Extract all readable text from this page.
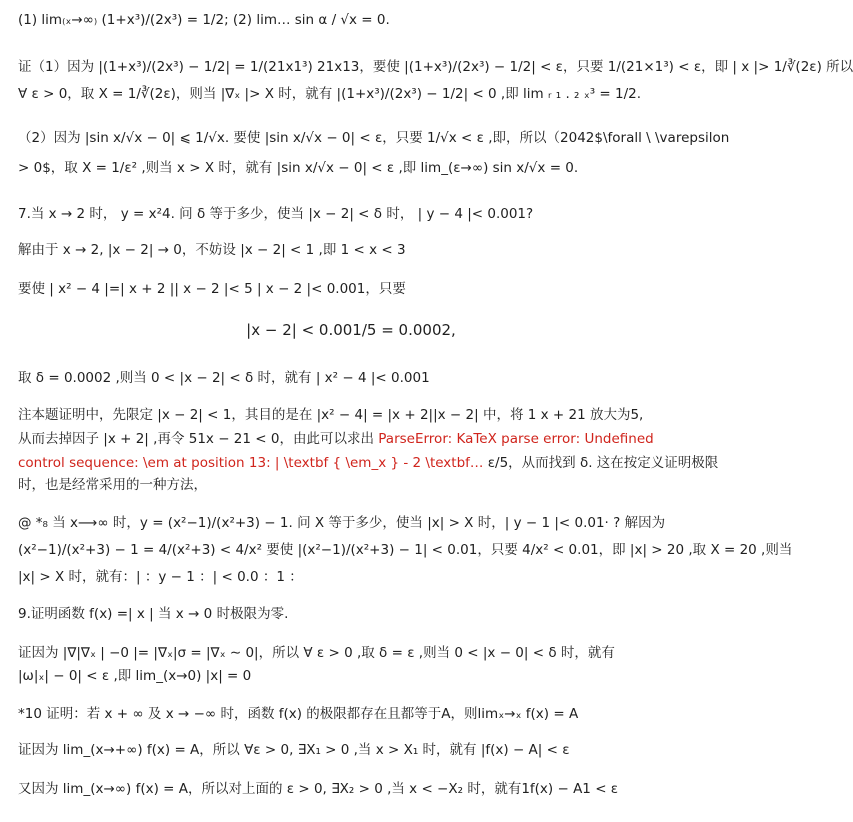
(1) lim₍ₓ→∞₎ (1+x³)/(2x³) = 1/2; (2) lim… sin α / √x = 0.
证（1）因为 |(1+x³)/(2x³) − 1/2| = 1/(21x1³) 21x13，要使 |(1+x³)/(2x³) − 1/2| < ε，只要 1/(21×1³) < ε，即 | x |> 1/∛(2ε) 所以
∀ ε > 0，取 X = 1/∛(2ε)，则当 |∇ₓ |> X 时，就有 |(1+x³)/(2x³) − 1/2| < 0 ,即 lim ᵣ ₁ . ₂ ₓ³ = 1/2.
（2）因为 |sin x/√x − 0| ⩽ 1/√x. 要使 |sin x/√x − 0| < ε，只要 1/√x < ε ,即，所以（2042$\forall \ \varepsilon
> 0$，取 X = 1/ε² ,则当 x > X 时，就有 |sin x/√x − 0| < ε ,即 lim_(ε→∞) sin x/√x = 0.
7.当 x → 2 时， y = x²4. 问 δ 等于多少，使当 |x − 2| < δ 时， | y − 4 |< 0.001?
解由于 x → 2, |x − 2| → 0，不妨设 |x − 2| < 1 ,即 1 < x < 3
要使 | x² − 4 |=| x + 2 || x − 2 |< 5 | x − 2 |< 0.001，只要
|x − 2| < 0.001/5 = 0.0002,
取 δ = 0.0002 ,则当 0 < |x − 2| < δ 时，就有 | x² − 4 |< 0.001
注本题证明中，先限定 |x − 2| < 1，其目的是在 |x² − 4| = |x + 2||x − 2| 中，将 1 x + 21 放大为5,
从而去掉因子 |x + 2| ,再令 51x − 21 < 0，由此可以求出 ParseError: KaTeX parse error: Undefined
control sequence: \em at position 13: | \textbf { \em_x } - 2 \textbf… ε/5，从而找到 δ. 这在按定义证明极限
时，也是经常采用的一种方法，
@ *₈ 当 x⟶∞ 时，y = (x²−1)/(x²+3) − 1. 问 X 等于多少，使当 |x| > X 时，| y − 1 |< 0.01· ? 解因为
(x²−1)/(x²+3) − 1 = 4/(x²+3) < 4/x² 要使 |(x²−1)/(x²+3) − 1| < 0.01，只要 4/x² < 0.01，即 |x| > 20 ,取 X = 20 ,则当
|x| > X 时，就有：| ：y − 1 ：| < 0.0 ：1 ：
9.证明函数 f(x) =| x | 当 x → 0 时极限为零.
证因为 |∇|∇ₓ | −0 |= |∇ₓ|σ = |∇ₓ ∼ 0|，所以 ∀ ε > 0 ,取 δ = ε ,则当 0 < |x − 0| < δ 时，就有
|ω|ₓ| − 0| < ε ,即 lim_(x→0) |x| = 0
*10 证明：若 x + ∞ 及 x → −∞ 时，函数 f(x) 的极限都存在且都等于A，则limₓ→ₓ f(x) = A
证因为 lim_(x→+∞) f(x) = A，所以 ∀ε > 0, ∃X₁ > 0 ,当 x > X₁ 时，就有 |f(x) − A| < ε
又因为 lim_(x→∞) f(x) = A，所以对上面的 ε > 0, ∃X₂ > 0 ,当 x < −X₂ 时，就有1f(x) − A1 < ε
